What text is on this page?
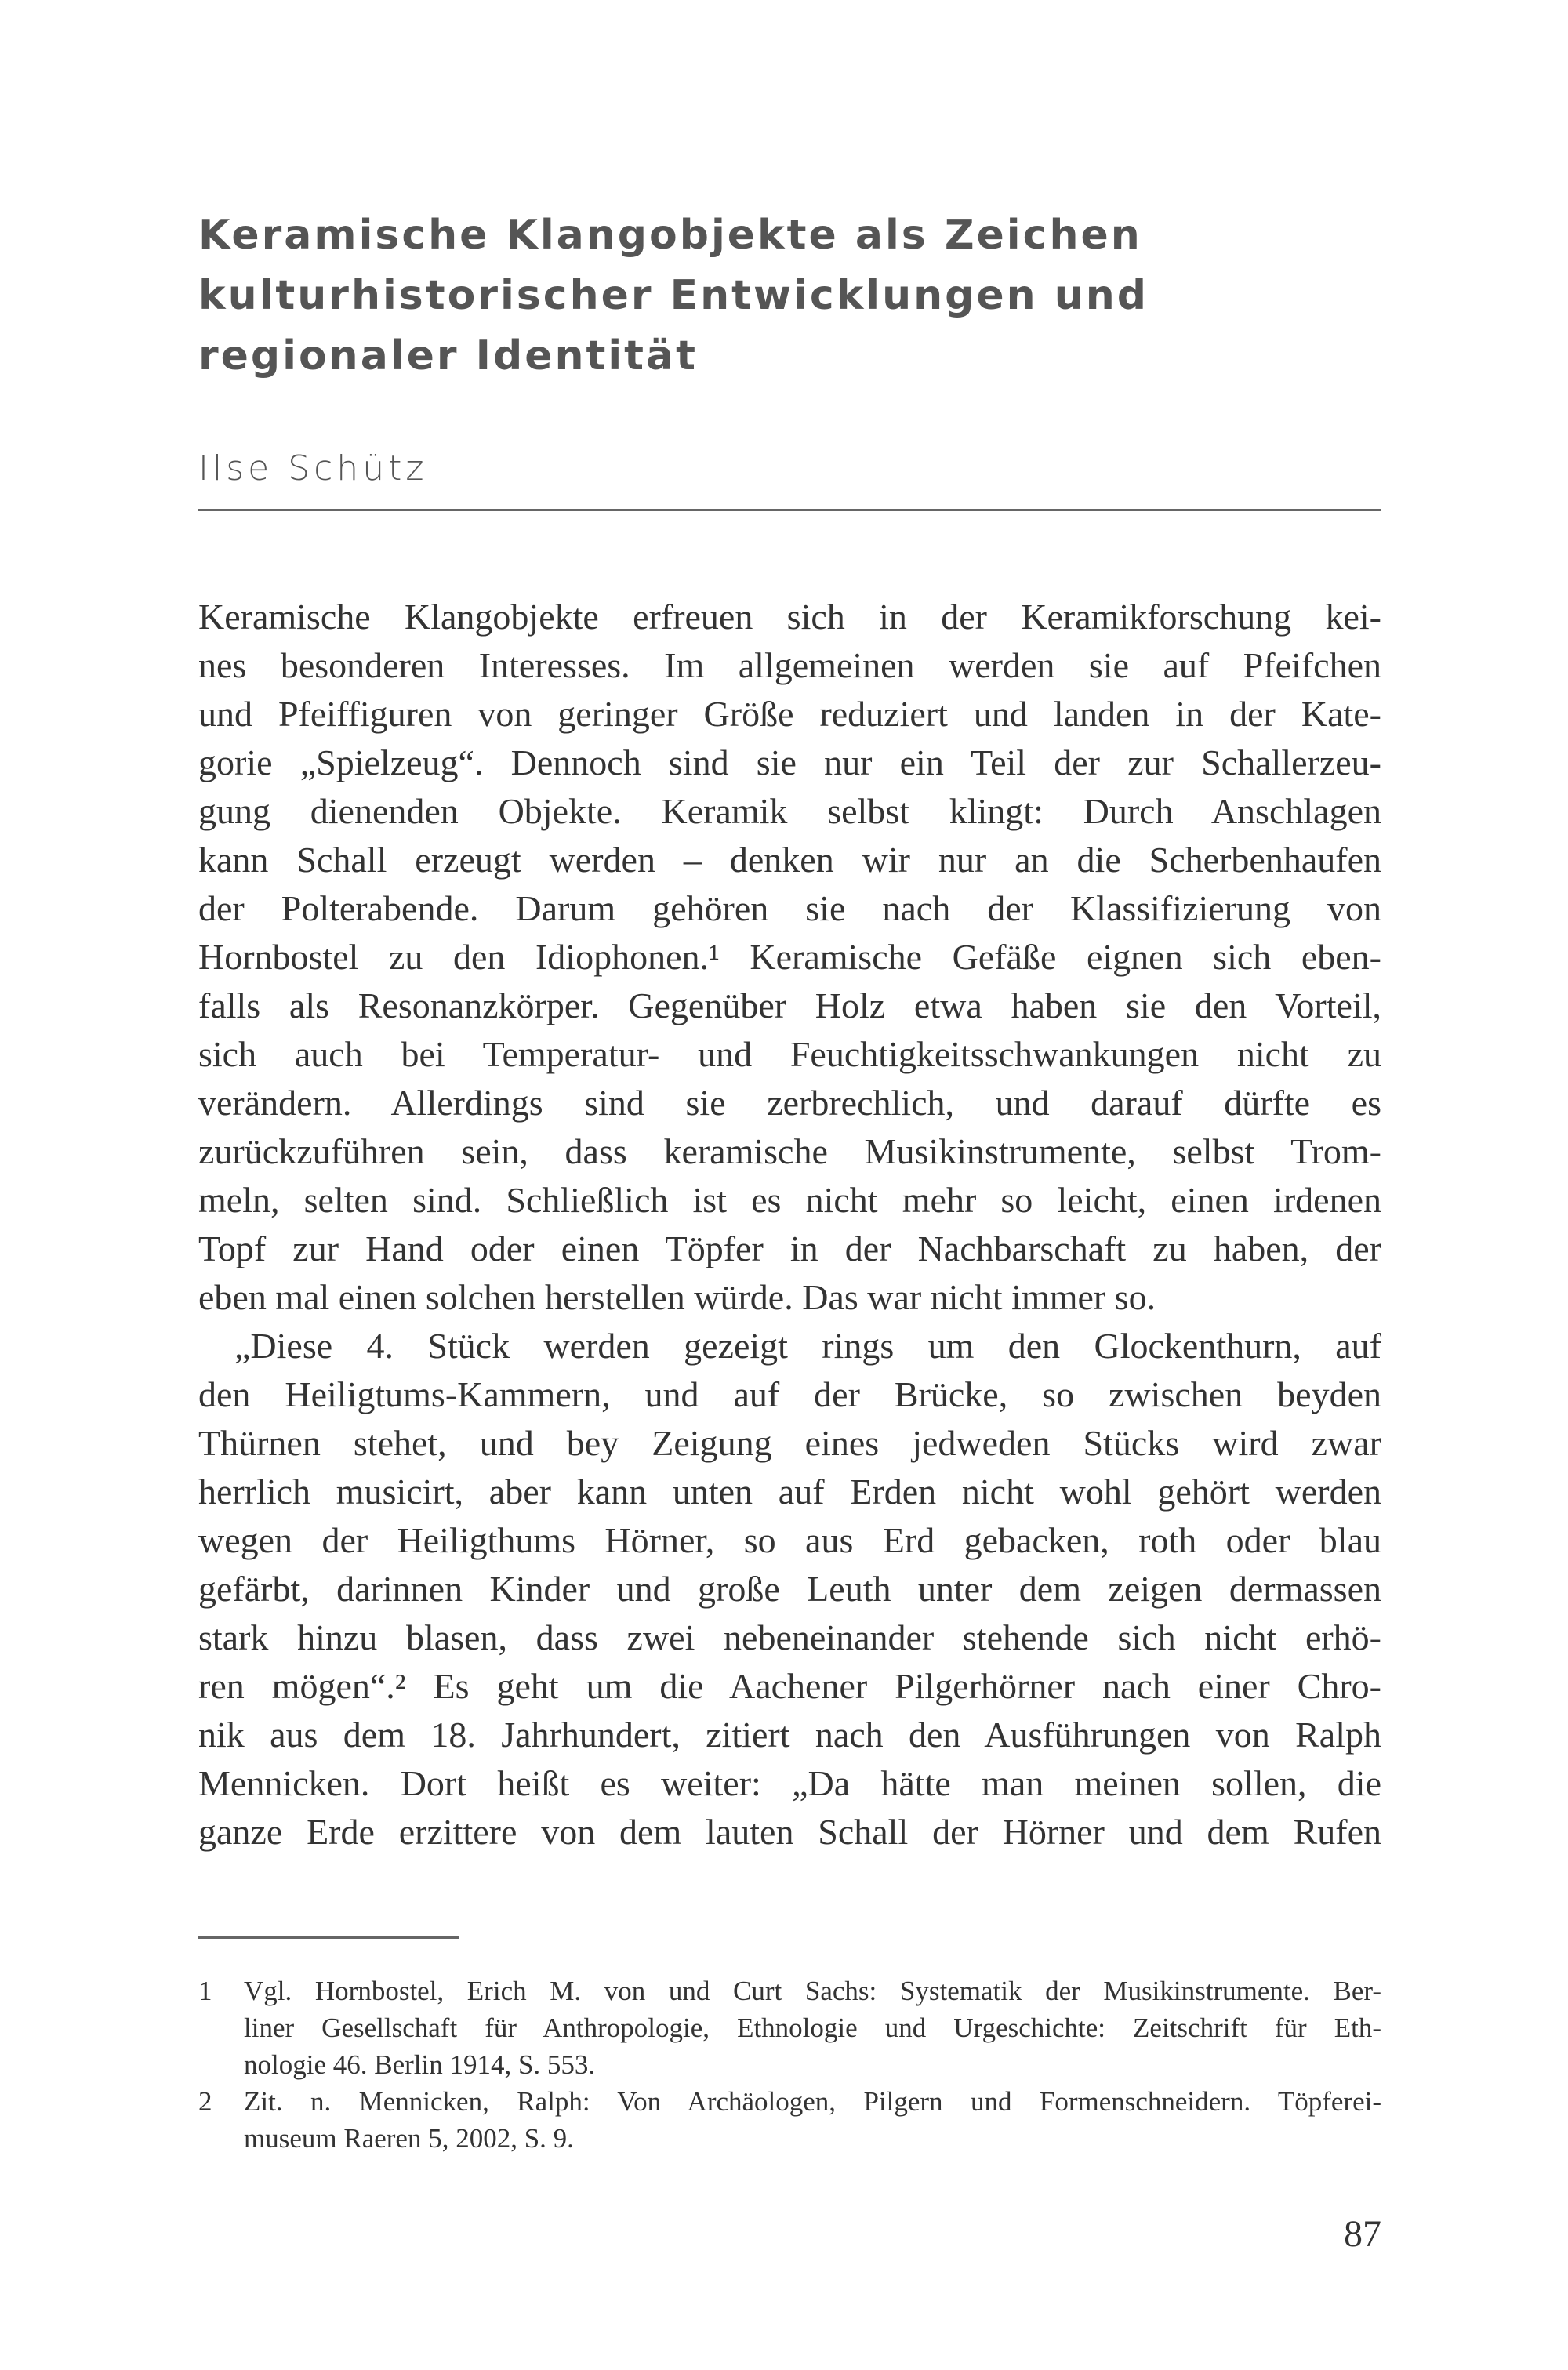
Keramische Klangobjekte als Zeichen
kulturhistorischer Entwicklungen und
regionaler Identität
Ilse Schütz
Keramische Klangobjekte erfreuen sich in der Keramikforschung kei-
nes besonderen Interesses. Im allgemeinen werden sie auf Pfeifchen
und Pfeiffiguren von geringer Größe reduziert und landen in der Kate-
gorie „Spielzeug“. Dennoch sind sie nur ein Teil der zur Schallerzeu-
gung dienenden Objekte. Keramik selbst klingt: Durch Anschlagen
kann Schall erzeugt werden – denken wir nur an die Scherbenhaufen
der Polterabende. Darum gehören sie nach der Klassifizierung von
Hornbostel zu den Idiophonen.¹ Keramische Gefäße eignen sich eben-
falls als Resonanzkörper. Gegenüber Holz etwa haben sie den Vorteil,
sich auch bei Temperatur- und Feuchtigkeitsschwankungen nicht zu
verändern. Allerdings sind sie zerbrechlich, und darauf dürfte es
zurückzuführen sein, dass keramische Musikinstrumente, selbst Trom-
meln, selten sind. Schließlich ist es nicht mehr so leicht, einen irdenen
Topf zur Hand oder einen Töpfer in der Nachbarschaft zu haben, der
eben mal einen solchen herstellen würde. Das war nicht immer so.
„Diese 4. Stück werden gezeigt rings um den Glockenthurn, auf
den Heiligtums-Kammern, und auf der Brücke, so zwischen beyden
Thürnen stehet, und bey Zeigung eines jedweden Stücks wird zwar
herrlich musicirt, aber kann unten auf Erden nicht wohl gehört werden
wegen der Heiligthums Hörner, so aus Erd gebacken, roth oder blau
gefärbt, darinnen Kinder und große Leuth unter dem zeigen dermassen
stark hinzu blasen, dass zwei nebeneinander stehende sich nicht erhö-
ren mögen“.² Es geht um die Aachener Pilgerhörner nach einer Chro-
nik aus dem 18. Jahrhundert, zitiert nach den Ausführungen von Ralph
Mennicken. Dort heißt es weiter: „Da hätte man meinen sollen, die
ganze Erde erzittere von dem lauten Schall der Hörner und dem Rufen
1 Vgl. Hornbostel, Erich M. von und Curt Sachs: Systematik der Musikinstrumente. Ber-
liner Gesellschaft für Anthropologie, Ethnologie und Urgeschichte: Zeitschrift für Eth-
nologie 46. Berlin 1914, S. 553.
2 Zit. n. Mennicken, Ralph: Von Archäologen, Pilgern und Formenschneidern. Töpferei-
museum Raeren 5, 2002, S. 9.
87
